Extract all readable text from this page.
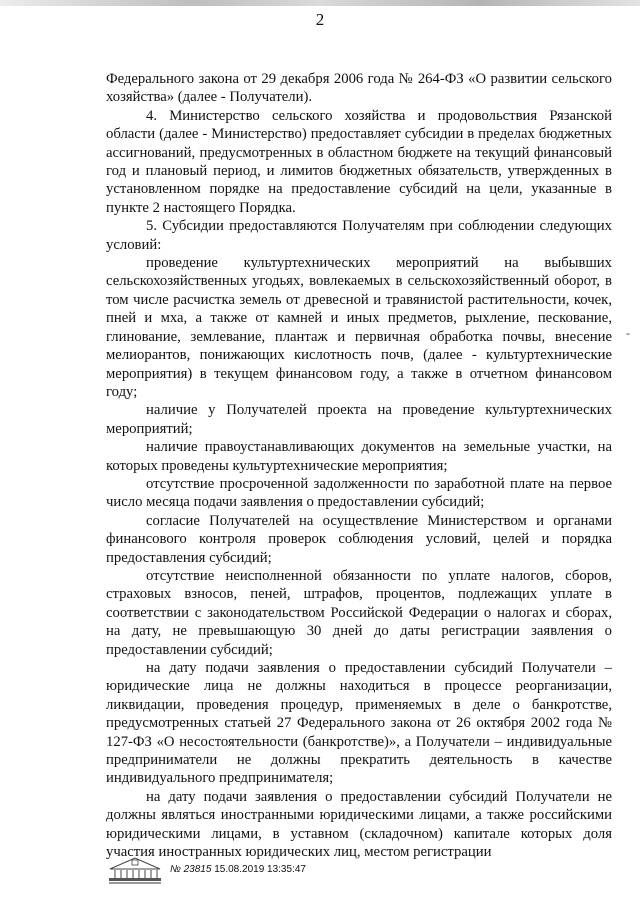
2

Федерального закона от 29 декабря 2006 года № 264-ФЗ «О развитии сельского хозяйства» (далее - Получатели).

4. Министерство сельского хозяйства и продовольствия Рязанской области (далее - Министерство) предоставляет субсидии в пределах бюджетных ассигнований, предусмотренных в областном бюджете на текущий финансовый год и плановый период, и лимитов бюджетных обязательств, утвержденных в установленном порядке на предоставление субсидий на цели, указанные в пункте 2 настоящего Порядка.

5. Субсидии предоставляются Получателям при соблюдении следующих условий:

проведение культуртехнических мероприятий на выбывших сельскохозяйственных угодьях, вовлекаемых в сельскохозяйственный оборот, в том числе расчистка земель от древесной и травянистой растительности, кочек, пней и мха, а также от камней и иных предметов, рыхление, пескование, глинование, землевание, плантаж и первичная обработка почвы, внесение мелиорантов, понижающих кислотность почв, (далее - культуртехнические мероприятия) в текущем финансовом году, а также в отчетном финансовом году;

наличие у Получателей проекта на проведение культуртехнических мероприятий;

наличие правоустанавливающих документов на земельные участки, на которых проведены культуртехнические мероприятия;

отсутствие просроченной задолженности по заработной плате на первое число месяца подачи заявления о предоставлении субсидий;

согласие Получателей на осуществление Министерством и органами финансового контроля проверок соблюдения условий, целей и порядка предоставления субсидий;

отсутствие неисполненной обязанности по уплате налогов, сборов, страховых взносов, пеней, штрафов, процентов, подлежащих уплате в соответствии с законодательством Российской Федерации о налогах и сборах, на дату, не превышающую 30 дней до даты регистрации заявления о предоставлении субсидий;

на дату подачи заявления о предоставлении субсидий Получатели – юридические лица не должны находиться в процессе реорганизации, ликвидации, проведения процедур, применяемых в деле о банкротстве, предусмотренных статьей 27 Федерального закона от 26 октября 2002 года № 127-ФЗ «О несостоятельности (банкротстве)», а Получатели – индивидуальные предприниматели не должны прекратить деятельность в качестве индивидуального предпринимателя;

на дату подачи заявления о предоставлении субсидий Получатели не должны являться иностранными юридическими лицами, а также российскими юридическими лицами, в уставном (складочном) капитале которых доля участия иностранных юридических лиц, местом регистрации

-
№ 23815 15.08.2019 13:35:47
